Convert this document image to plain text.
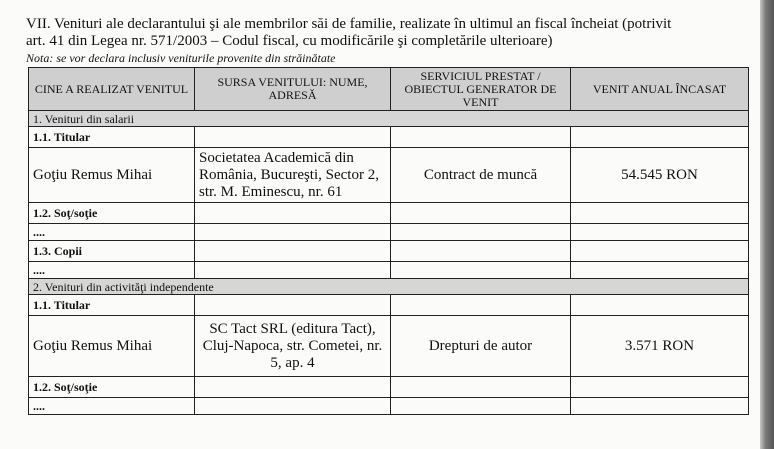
VII. Venituri ale declarantului şi ale membrilor săi de familie, realizate în ultimul an fiscal încheiat (potrivit
art. 41 din Legea nr. 571/2003 – Codul fiscal, cu modificările şi completările ulterioare)
Nota: se vor declara inclusiv veniturile provenite din străinătate
CINE A REALIZAT VENITUL	SURSA VENITULUI: NUME, ADRESĂ	SERVICIUL PRESTAT / OBIECTUL GENERATOR DE VENIT	VENIT ANUAL ÎNCASAT
1. Venituri din salarii			
1.1. Titular			
Goţiu Remus Mihai	Societatea Academică din România, Bucureşti, Sector 2, str. M. Eminescu, nr. 61	Contract de muncă	54.545 RON
1.2. Soţ/soţie			
....			
1.3. Copii			
....			
2. Venituri din activităţi independente			
1.1. Titular			
Goţiu Remus Mihai	SC Tact SRL (editura Tact), Cluj-Napoca, str. Cometei, nr. 5, ap. 4	Drepturi de autor	3.571 RON
1.2. Soţ/soţie			
....			
